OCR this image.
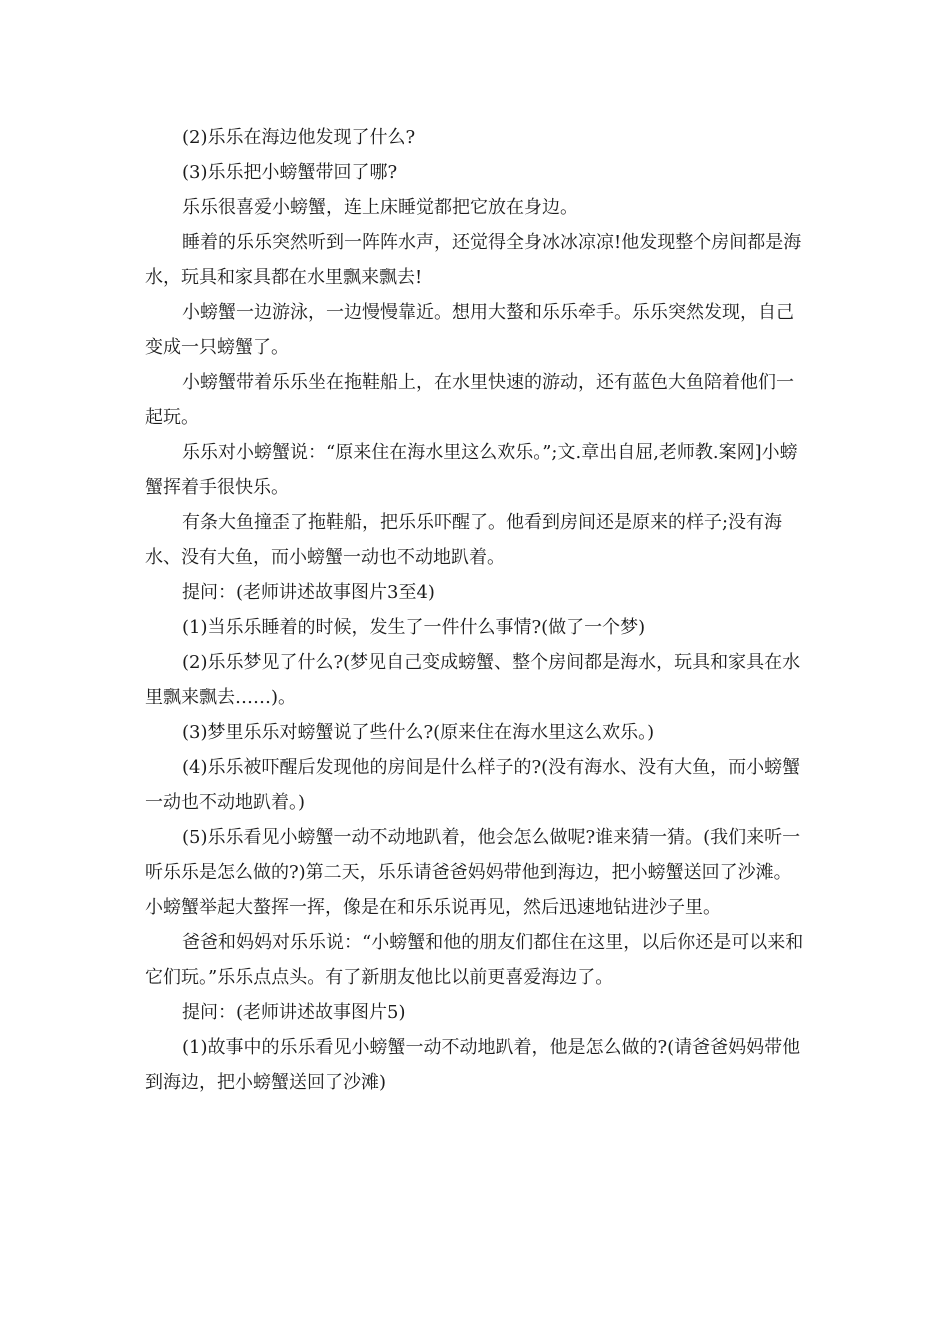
(2)乐乐在海边他发现了什么?

(3)乐乐把小螃蟹带回了哪?

乐乐很喜爱小螃蟹，连上床睡觉都把它放在身边。

睡着的乐乐突然听到一阵阵水声，还觉得全身冰冰凉凉!他发现整个房间都是海水，玩具和家具都在水里飘来飘去!

小螃蟹一边游泳，一边慢慢靠近。想用大螯和乐乐牵手。乐乐突然发现，自己变成一只螃蟹了。

小螃蟹带着乐乐坐在拖鞋船上，在水里快速的游动，还有蓝色大鱼陪着他们一起玩。

乐乐对小螃蟹说：“原来住在海水里这么欢乐。”;文.章出自屈,老师教.案网]小螃蟹挥着手很快乐。

有条大鱼撞歪了拖鞋船，把乐乐吓醒了。他看到房间还是原来的样子;没有海水、没有大鱼，而小螃蟹一动也不动地趴着。

提问：(老师讲述故事图片3至4)

(1)当乐乐睡着的时候，发生了一件什么事情?(做了一个梦)

(2)乐乐梦见了什么?(梦见自己变成螃蟹、整个房间都是海水，玩具和家具在水里飘来飘去……)。

(3)梦里乐乐对螃蟹说了些什么?(原来住在海水里这么欢乐。)

(4)乐乐被吓醒后发现他的房间是什么样子的?(没有海水、没有大鱼，而小螃蟹一动也不动地趴着。)

(5)乐乐看见小螃蟹一动不动地趴着，他会怎么做呢?谁来猜一猜。(我们来听一听乐乐是怎么做的?)第二天，乐乐请爸爸妈妈带他到海边，把小螃蟹送回了沙滩。小螃蟹举起大螯挥一挥，像是在和乐乐说再见，然后迅速地钻进沙子里。

爸爸和妈妈对乐乐说：“小螃蟹和他的朋友们都住在这里，以后你还是可以来和它们玩。”乐乐点点头。有了新朋友他比以前更喜爱海边了。

提问：(老师讲述故事图片5)

(1)故事中的乐乐看见小螃蟹一动不动地趴着，他是怎么做的?(请爸爸妈妈带他到海边，把小螃蟹送回了沙滩)
